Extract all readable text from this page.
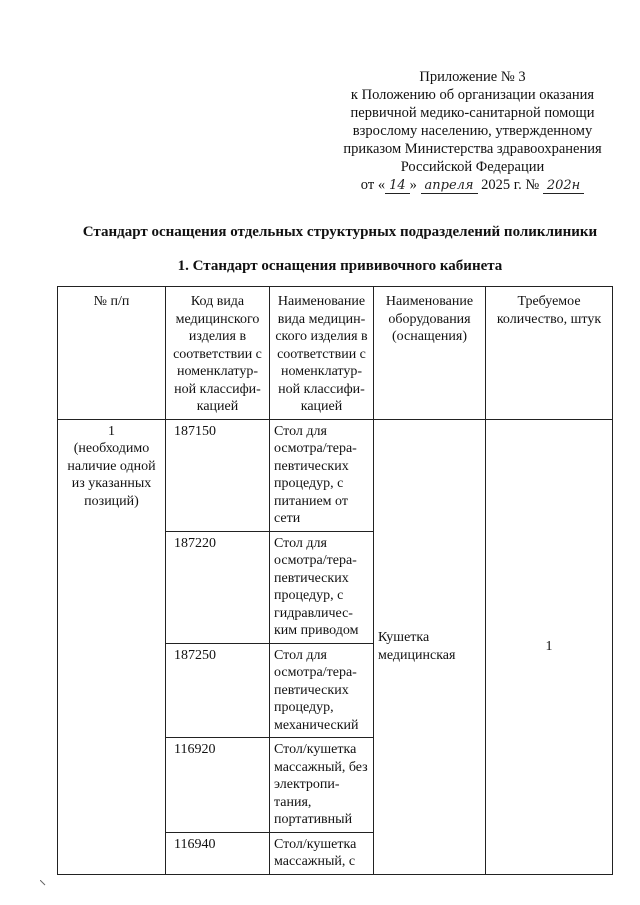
Приложение № 3
к Положению об организации оказания
первичной медико-санитарной помощи
взрослому населению, утвержденному
приказом Министерства здравоохранения
Российской Федерации
от « 14 » апреля 2025 г. № 202н
Стандарт оснащения отдельных структурных подразделений поликлиники
1. Стандарт оснащения прививочного кабинета
№ п/п	Код вида медицинского изделия в соответствии с номенклатур-ной классифи-кацией	Наименование вида медицин-ского изделия в соответствии с номенклатур-ной классифи-кацией	Наименование оборудования (оснащения)	Требуемое количество, штук

1
(необходимо наличие одной из указанных позиций)	187150	Стол для осмотра/тера-певтических процедур, с питанием от сети	Кушетка медицинская	1
	187220	Стол для осмотра/тера-певтических процедур, с гидравличес-ким приводом		
	187250	Стол для осмотра/тера-певтических процедур, механический		
	116920	Стол/кушетка массажный, без электропи-тания, портативный		
	116940	Стол/кушетка массажный, с		
